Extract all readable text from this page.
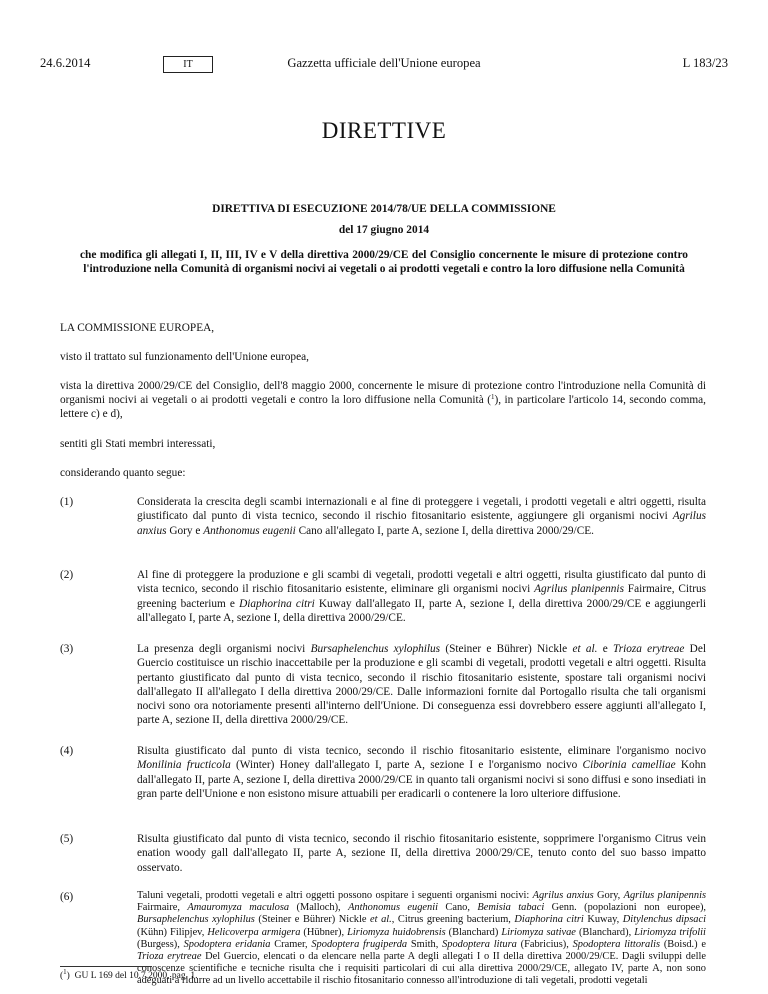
24.6.2014	IT	Gazzetta ufficiale dell'Unione europea	L 183/23
DIRETTIVE
DIRETTIVA DI ESECUZIONE 2014/78/UE DELLA COMMISSIONE
del 17 giugno 2014
che modifica gli allegati I, II, III, IV e V della direttiva 2000/29/CE del Consiglio concernente le misure di protezione contro l'introduzione nella Comunità di organismi nocivi ai vegetali o ai prodotti vegetali e contro la loro diffusione nella Comunità

LA COMMISSIONE EUROPEA,

visto il trattato sul funzionamento dell'Unione europea,

vista la direttiva 2000/29/CE del Consiglio, dell'8 maggio 2000, concernente le misure di protezione contro l'introduzione nella Comunità di organismi nocivi ai vegetali o ai prodotti vegetali e contro la loro diffusione nella Comunità ($^1$), in particolare l'articolo 14, secondo comma, lettere c) e d),

sentiti gli Stati membri interessati,

considerando quanto segue:

(1)	Considerata la crescita degli scambi internazionali e al fine di proteggere i vegetali, i prodotti vegetali e altri oggetti, risulta giustificato dal punto di vista tecnico, secondo il rischio fitosanitario esistente, aggiungere gli organismi nocivi Agrilus anxius Gory e Anthonomus eugenii Cano all'allegato I, parte A, sezione I, della direttiva 2000/29/CE.

(2)	Al fine di proteggere la produzione e gli scambi di vegetali, prodotti vegetali e altri oggetti, risulta giustificato dal punto di vista tecnico, secondo il rischio fitosanitario esistente, eliminare gli organismi nocivi Agrilus planipennis Fairmaire, Citrus greening bacterium e Diaphorina citri Kuway dall'allegato II, parte A, sezione I, della direttiva 2000/29/CE e aggiungerli all'allegato I, parte A, sezione I, della direttiva 2000/29/CE.

(3)	La presenza degli organismi nocivi Bursaphelenchus xylophilus (Steiner e Bührer) Nickle et al. e Trioza erytreae Del Guercio costituisce un rischio inaccettabile per la produzione e gli scambi di vegetali, prodotti vegetali e altri oggetti. Risulta pertanto giustificato dal punto di vista tecnico, secondo il rischio fitosanitario esistente, spostare tali organismi nocivi dall'allegato II all'allegato I della direttiva 2000/29/CE. Dalle informazioni fornite dal Portogallo risulta che tali organismi nocivi sono ora notoriamente presenti all'interno dell'Unione. Di conseguenza essi dovrebbero essere aggiunti all'allegato I, parte A, sezione II, della direttiva 2000/29/CE.

(4)	Risulta giustificato dal punto di vista tecnico, secondo il rischio fitosanitario esistente, eliminare l'organismo nocivo Monilinia fructicola (Winter) Honey dall'allegato I, parte A, sezione I e l'organismo nocivo Ciborinia camelliae Kohn dall'allegato II, parte A, sezione I, della direttiva 2000/29/CE in quanto tali organismi nocivi si sono diffusi e sono insediati in gran parte dell'Unione e non esistono misure attuabili per eradicarli o contenere la loro ulteriore diffusione.

(5)	Risulta giustificato dal punto di vista tecnico, secondo il rischio fitosanitario esistente, sopprimere l'organismo Citrus vein enation woody gall dall'allegato II, parte A, sezione II, della direttiva 2000/29/CE, tenuto conto del suo basso impatto osservato.

(6)	Taluni vegetali, prodotti vegetali e altri oggetti possono ospitare i seguenti organismi nocivi: Agrilus anxius Gory, Agrilus planipennis Fairmaire, Amauromyza maculosa (Malloch), Anthonomus eugenii Cano, Bemisia tabaci Genn. (popolazioni non europee), Bursaphelenchus xylophilus (Steiner e Bührer) Nickle et al., Citrus greening bacterium, Diaphorina citri Kuway, Ditylenchus dipsaci (Kühn) Filipjev, Helicoverpa armigera (Hübner), Liriomyza huidobrensis (Blanchard) Liriomyza sativae (Blanchard), Liriomyza trifolii (Burgess), Spodoptera eridania Cramer, Spodoptera frugiperda Smith, Spodoptera litura (Fabricius), Spodoptera littoralis (Boisd.) e Trioza erytreae Del Guercio, elencati o da elencare nella parte A degli allegati I o II della direttiva 2000/29/CE. Dagli sviluppi delle conoscenze scientifiche e tecniche risulta che i requisiti particolari di cui alla direttiva 2000/29/CE, allegato IV, parte A, non sono adeguati a ridurre ad un livello accettabile il rischio fitosanitario connesso all'introduzione di tali vegetali, prodotti vegetali

($^1$)  GU L 169 del 10.7.2000, pag. 1.
